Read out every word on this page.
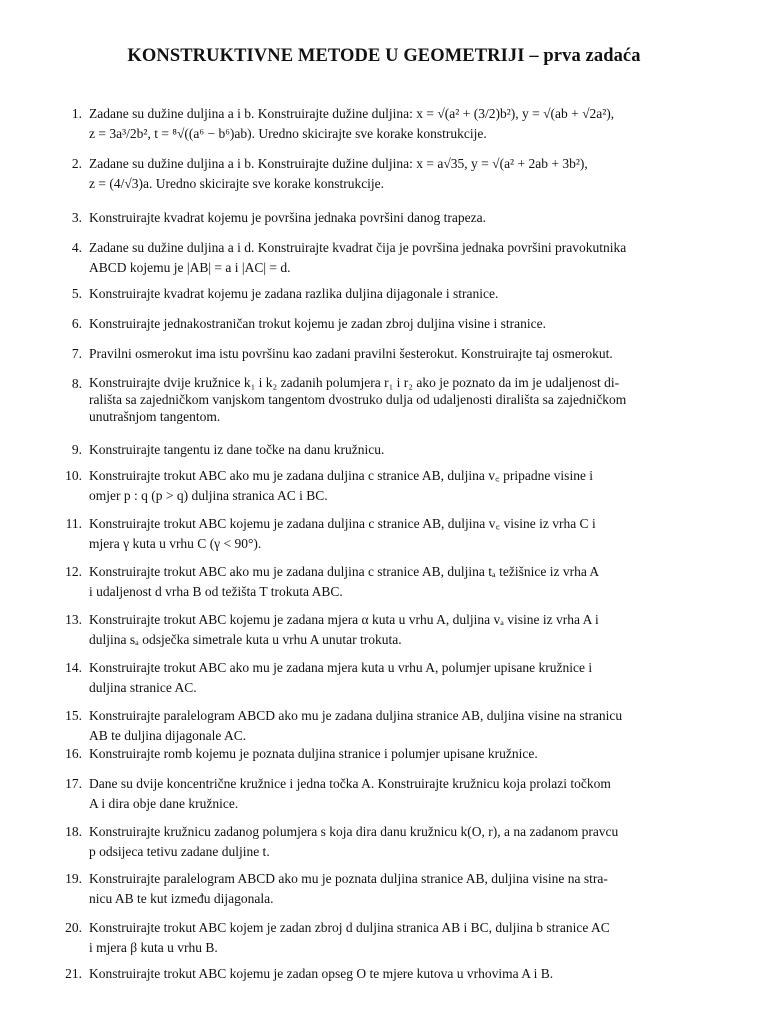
KONSTRUKTIVNE METODE U GEOMETRIJI – prva zadaća
1. Zadane su dužine duljina a i b. Konstruirajte dužine duljina: x = √(a² + (3/2)b²), y = √(ab + √2a²),
z = 3a³/2b², t = ⁸√((a⁶ − b⁶)ab). Uredno skicirajte sve korake konstrukcije.
2. Zadane su dužine duljina a i b. Konstruirajte dužine duljina: x = a√35, y = √(a² + 2ab + 3b²),
z = (4/√3)a. Uredno skicirajte sve korake konstrukcije.
3. Konstruirajte kvadrat kojemu je površina jednaka površini danog trapeza.
4. Zadane su dužine duljina a i d. Konstruirajte kvadrat čija je površina jednaka površini pravokutnika
ABCD kojemu je |AB| = a i |AC| = d.
5. Konstruirajte kvadrat kojemu je zadana razlika duljina dijagonale i stranice.
6. Konstruirajte jednakostraničan trokut kojemu je zadan zbroj duljina visine i stranice.
7. Pravilni osmerokut ima istu površinu kao zadani pravilni šesterokut. Konstruirajte taj osmerokut.
8. Konstruirajte dvije kružnice k₁ i k₂ zadanih polumjera r₁ i r₂ ako je poznato da im je udaljenost di-
rališta sa zajedničkom vanjskom tangentom dvostruko dulja od udaljenosti dirališta sa zajedničkom
unutrašnjom tangentom.
9. Konstruirajte tangentu iz dane točke na danu kružnicu.
10. Konstruirajte trokut ABC ako mu je zadana duljina c stranice AB, duljina v꜀ pripadne visine i
omjer p : q (p > q) duljina stranica AC i BC.
11. Konstruirajte trokut ABC kojemu je zadana duljina c stranice AB, duljina v꜀ visine iz vrha C i
mjera γ kuta u vrhu C (γ < 90°).
12. Konstruirajte trokut ABC ako mu je zadana duljina c stranice AB, duljina tₐ težišnice iz vrha A
i udaljenost d vrha B od težišta T trokuta ABC.
13. Konstruirajte trokut ABC kojemu je zadana mjera α kuta u vrhu A, duljina vₐ visine iz vrha A i
duljina sₐ odsječka simetrale kuta u vrhu A unutar trokuta.
14. Konstruirajte trokut ABC ako mu je zadana mjera kuta u vrhu A, polumjer upisane kružnice i
duljina stranice AC.
15. Konstruirajte paralelogram ABCD ako mu je zadana duljina stranice AB, duljina visine na stranicu
AB te duljina dijagonale AC.
16. Konstruirajte romb kojemu je poznata duljina stranice i polumjer upisane kružnice.
17. Dane su dvije koncentrične kružnice i jedna točka A. Konstruirajte kružnicu koja prolazi točkom
A i dira obje dane kružnice.
18. Konstruirajte kružnicu zadanog polumjera s koja dira danu kružnicu k(O, r), a na zadanom pravcu
p odsijeca tetivu zadane duljine t.
19. Konstruirajte paralelogram ABCD ako mu je poznata duljina stranice AB, duljina visine na stra-
nicu AB te kut između dijagonala.
20. Konstruirajte trokut ABC kojem je zadan zbroj d duljina stranica AB i BC, duljina b stranice AC
i mjera β kuta u vrhu B.
21. Konstruirajte trokut ABC kojemu je zadan opseg O te mjere kutova u vrhovima A i B.
